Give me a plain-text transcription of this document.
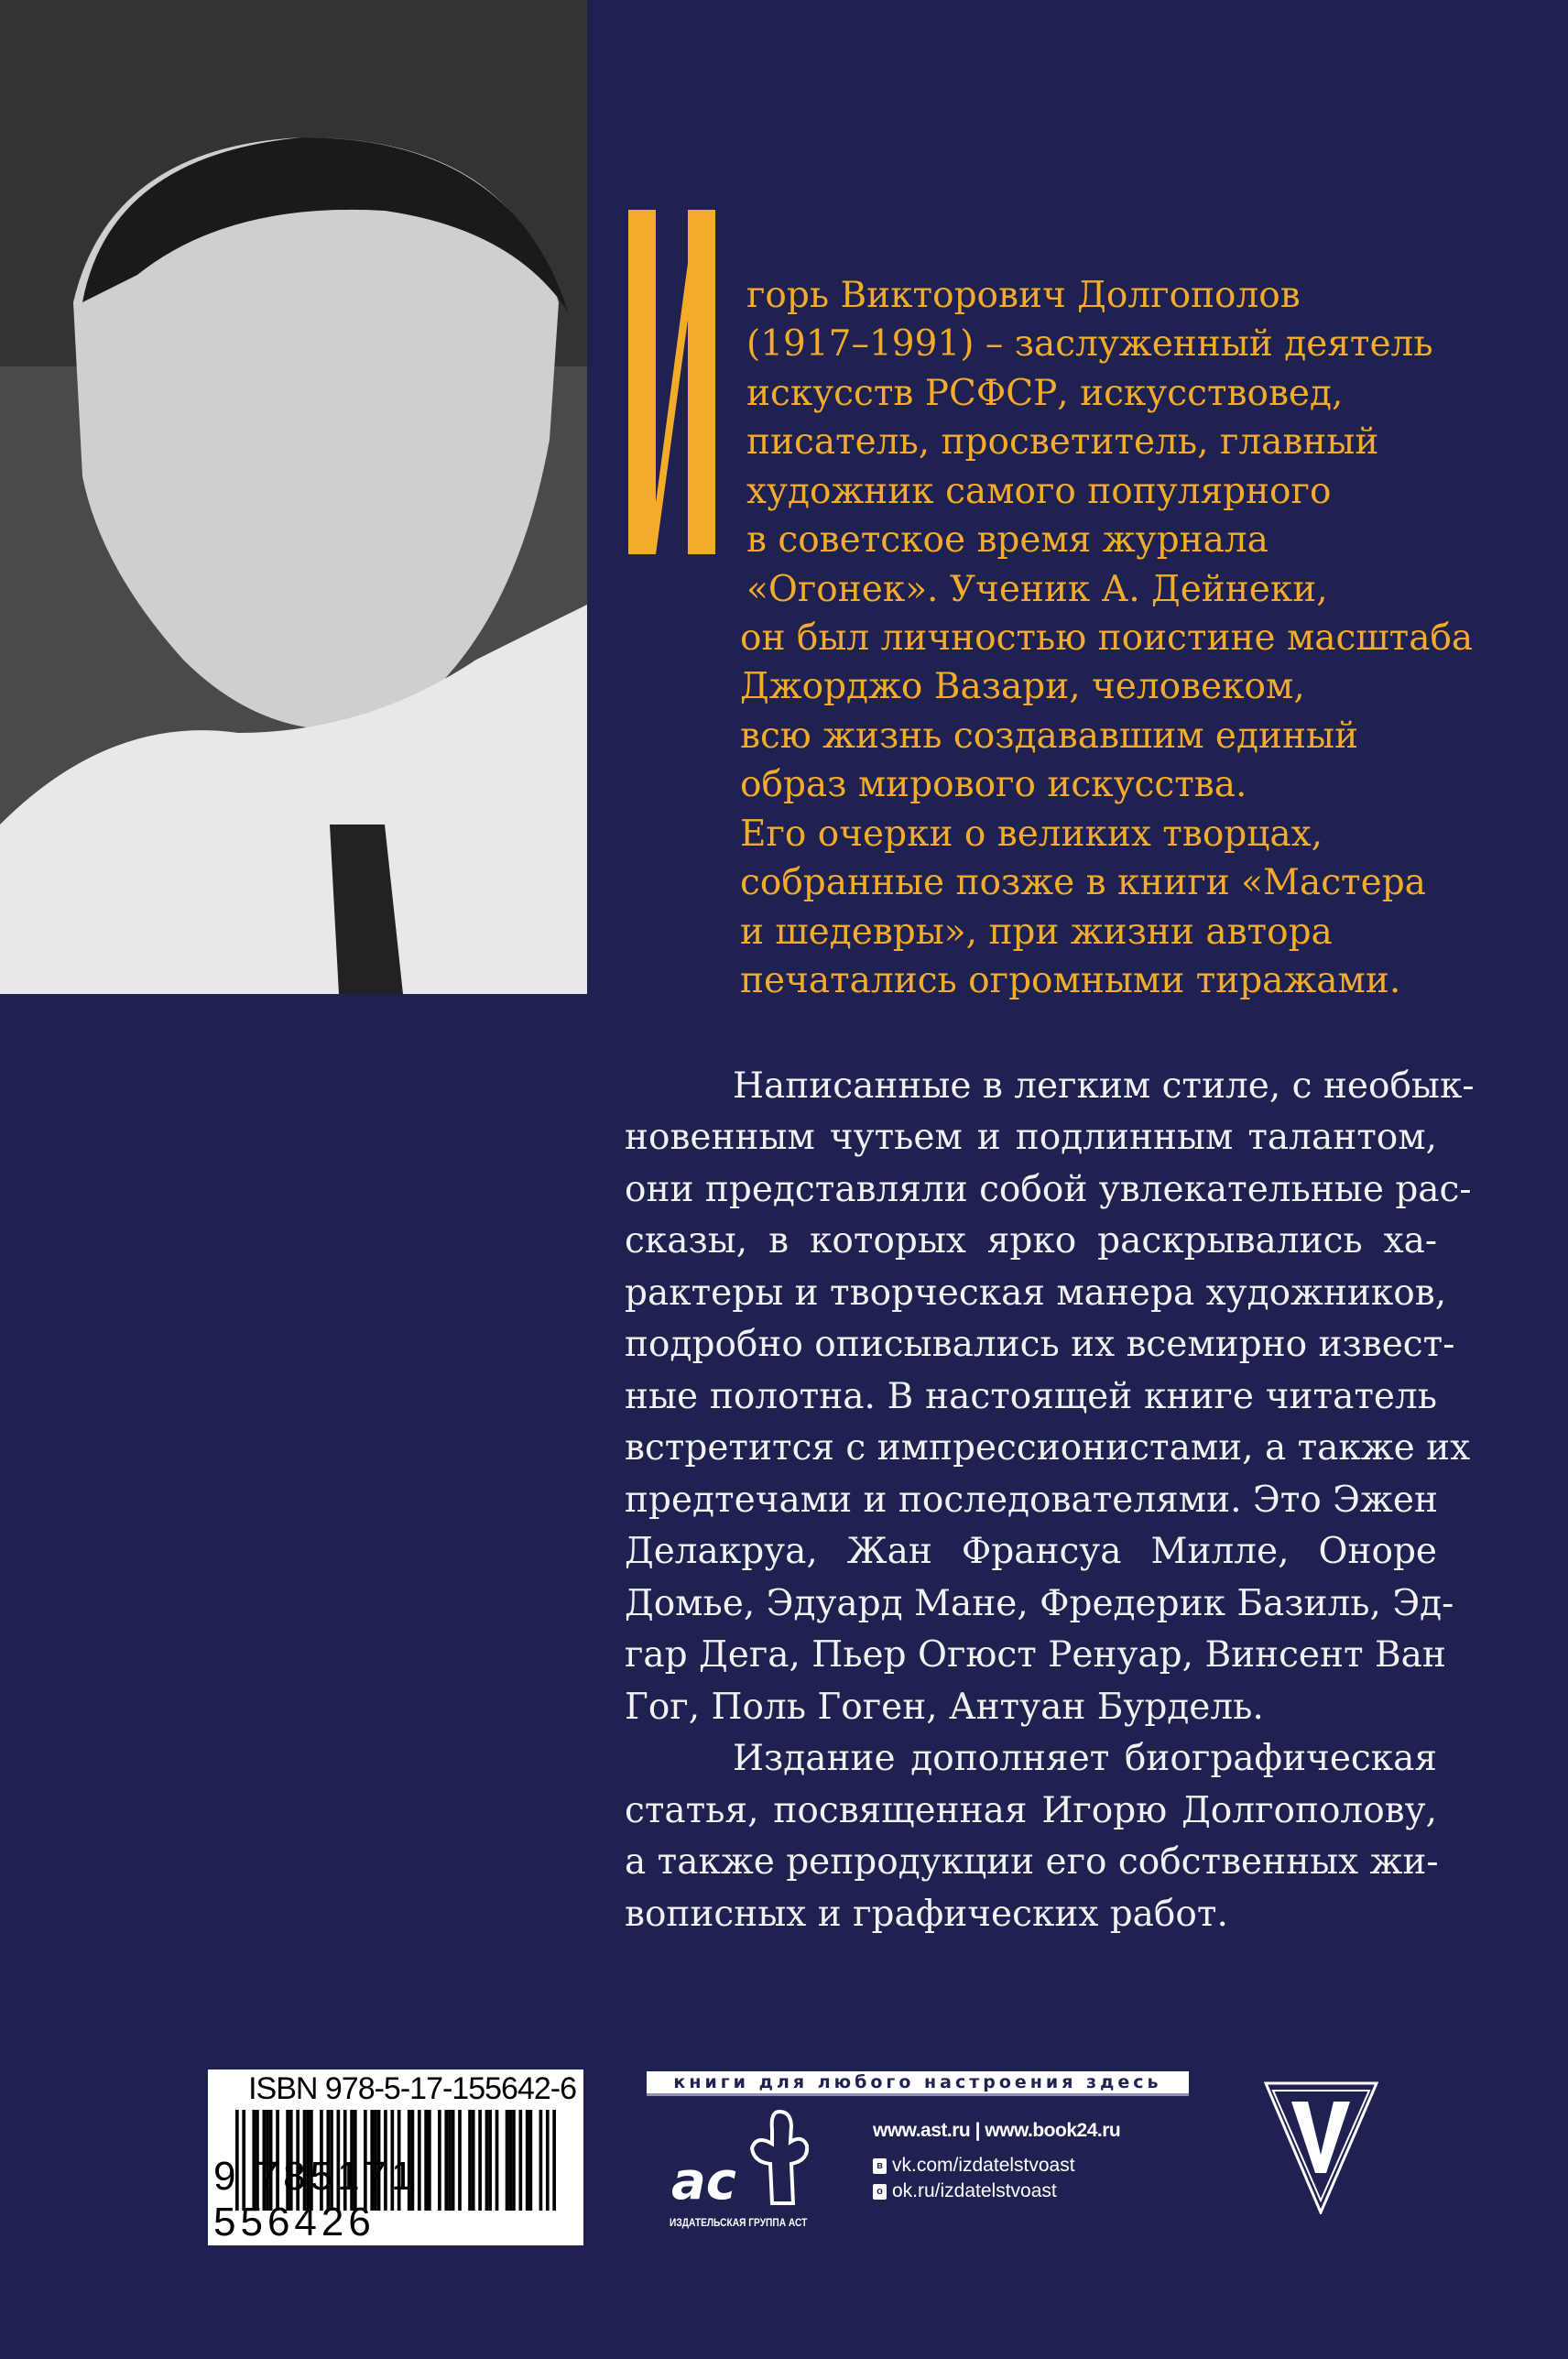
горь Викторович Долгополов
(1917–1991) – заслуженный деятель
искусств РСФСР, искусствовед,
писатель, просветитель, главный
художник самого популярного
в советское время журнала
«Огонек». Ученик А. Дейнеки,
он был личностью поистине масштаба
Джорджо Вазари, человеком,
всю жизнь создававшим единый
образ мирового искусства.
Его очерки о великих творцах,
собранные позже в книги «Мастера
и шедевры», при жизни автора
печатались огромными тиражами.
Написанные в легким стиле, с необык-
новенным чутьем и подлинным талантом,
они представляли собой увлекательные рас-
сказы, в которых ярко раскрывались ха-
рактеры и творческая манера художников,
подробно описывались их всемирно извест-
ные полотна. В настоящей книге читатель
встретится с импрессионистами, а также их
предтечами и последователями. Это Эжен
Делакруа, Жан Франсуа Милле, Оноре
Домье, Эдуард Мане, Фредерик Базиль, Эд-
гар Дега, Пьер Огюст Ренуар, Винсент Ван
Гог, Поль Гоген, Антуан Бурдель.
Издание дополняет биографическая
статья, посвященная Игорю Долгополову,
а также репродукции его собственных жи-
вописных и графических работ.
ISBN 978-5-17-155642-6
9 785171 556426
книги для любого настроения здесь
ас
ИЗДАТЕЛЬСКАЯ ГРУППА АСТ
www.ast.ru | www.book24.ru
в vk.com/izdatelstvoast
о ok.ru/izdatelstvoast
